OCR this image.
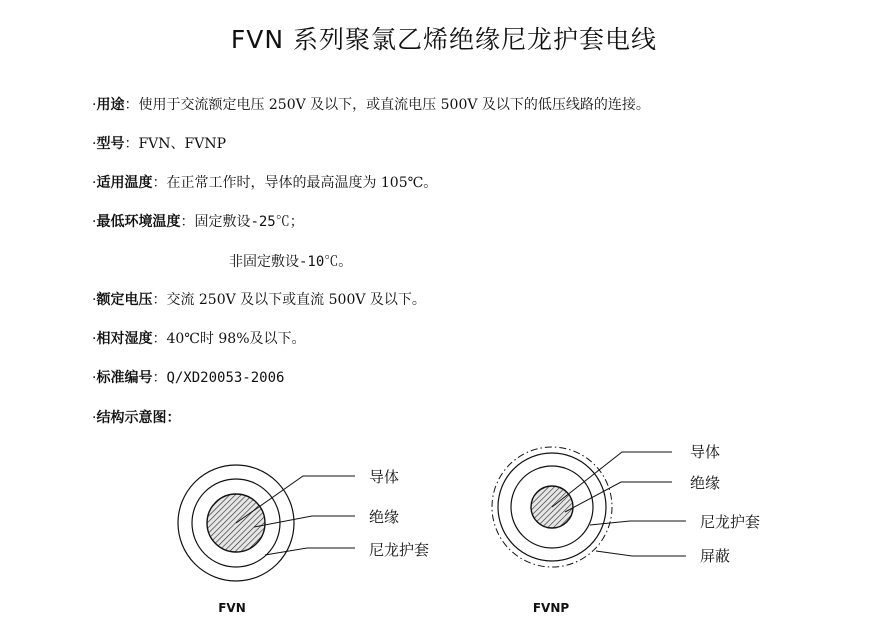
FVN 系列聚氯乙烯绝缘尼龙护套电线
·用途：使用于交流额定电压 250V 及以下，或直流电压 500V 及以下的低压线路的连接。
·型号：FVN、FVNP
·适用温度：在正常工作时，导体的最高温度为 105℃。
·最低环境温度：固定敷设-25℃；
非固定敷设-10℃。
·额定电压：交流 250V 及以下或直流 500V 及以下。
·相对湿度：40℃时 98%及以下。
·标准编号：Q/XD20053-2006
·结构示意图：
导体
绝缘
尼龙护套
FVN
导体
绝缘
尼龙护套
屏蔽
FVNP
